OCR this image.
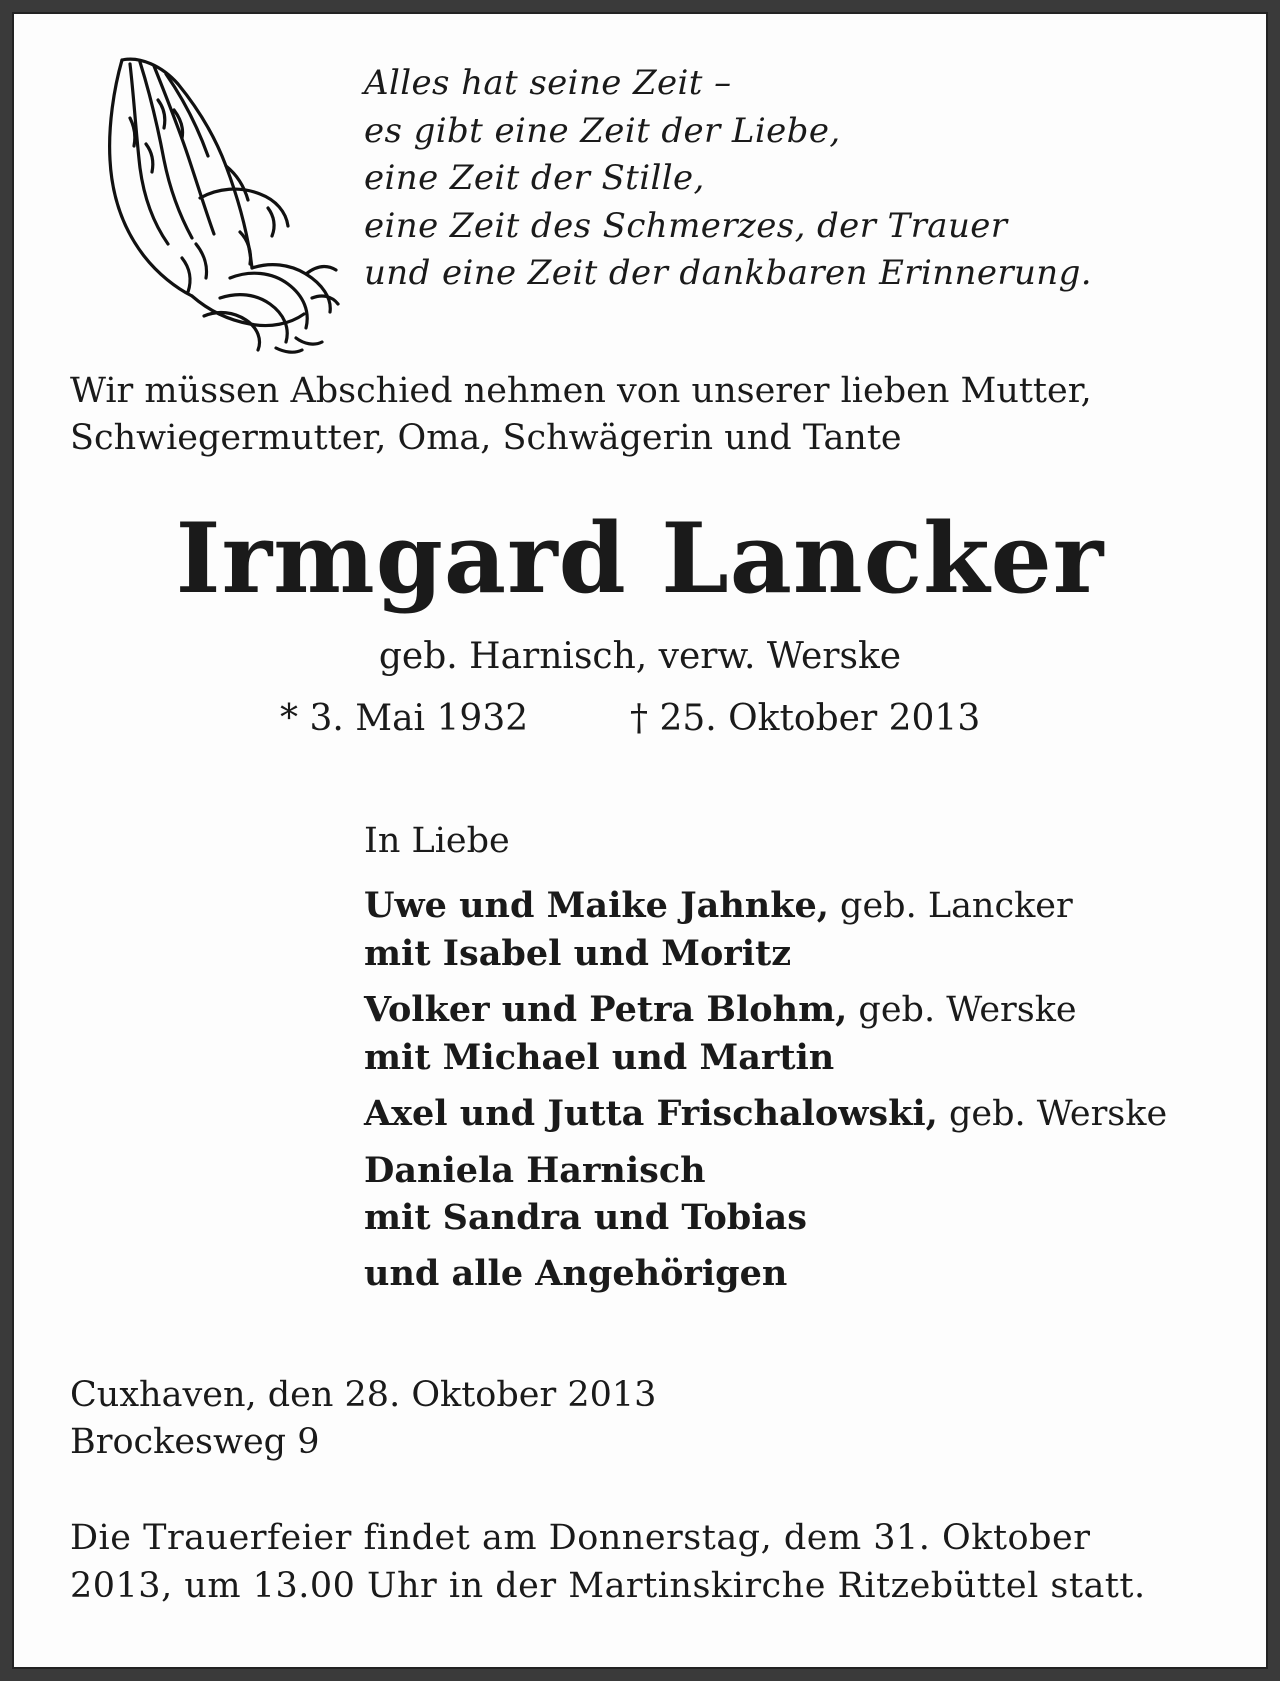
Alles hat seine Zeit –
es gibt eine Zeit der Liebe,
eine Zeit der Stille,
eine Zeit des Schmerzes, der Trauer
und eine Zeit der dankbaren Erinnerung.
Wir müssen Abschied nehmen von unserer lieben Mutter,
Schwiegermutter, Oma, Schwägerin und Tante
Irmgard Lancker
geb. Harnisch, verw. Werske
* 3. Mai 1932	† 25. Oktober 2013
In Liebe
Uwe und Maike Jahnke, geb. Lancker
mit Isabel und Moritz
Volker und Petra Blohm, geb. Werske
mit Michael und Martin
Axel und Jutta Frischalowski, geb. Werske
Daniela Harnisch
mit Sandra und Tobias
und alle Angehörigen
Cuxhaven, den 28. Oktober 2013
Brockesweg 9
Die Trauerfeier findet am Donnerstag, dem 31. Oktober
2013, um 13.00 Uhr in der Martinskirche Ritzebüttel statt.
